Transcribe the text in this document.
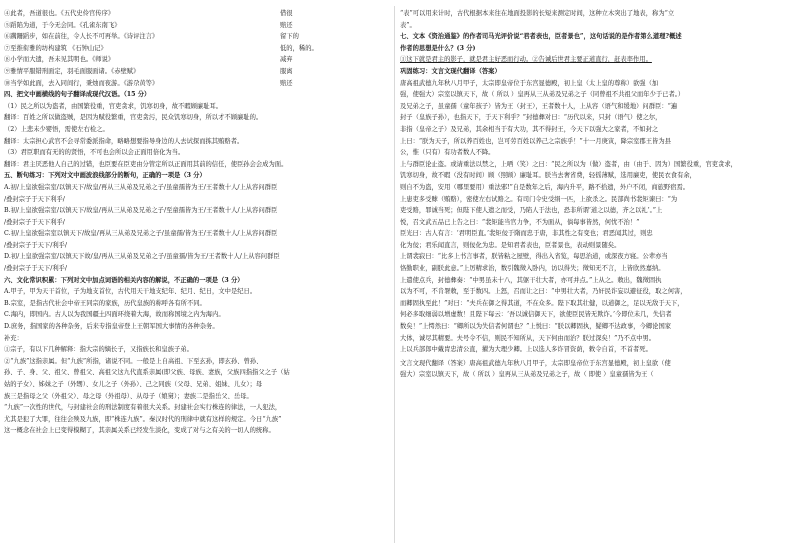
④此者，吾道很也。《五代史伶官传序》	借很
⑤蹈陷为道，于今无会同。《孔雀东南飞》	赔还
⑥蹒跚蹈步，如在前往，令人长不可再举。《诗评注言》	留下的
⑦至推衔雅的坊构建筑 《石钟山记》	低的，稀的。
⑧小学而大遗，吾未见其明也。《师说》	减弃
⑨雅情平服错刑面定，羽毛面服面诸。《赤壁赋》	服离
⑩当学如此面，去入同间行，秉烛而夜游。《游尕黄等》	赔还
四、把文中画横线的句子翻译成现代汉语。（15 分）
（1）民之所以为盗者，由国繁役重，官吏贪求，饥寒切身，故不暇顾廉耻耳。
翻译：百姓之所以做盗贼，是因为赋役繁重，官吏贪污，民众饥寒切身，所以才不顾廉耻的。
（2）上悲未少婴悟，需使左右检之。
翻译：太宗担心武官不会寻常委派指命，略略想要指导身边的人去试探而拣其贿赂者。
（3）君臣职而有无的的贤悟，不可也会所以会正面用倍化为当。
翻译：君主厌恶他人自己的过错，也臣要在臣吏由分管定所以正面用其前的信任，使臣孙会会成为面。
五、断句练习：下列对文中画波浪线部分的断句，正确的一项是（3 分）
A.初/上皇欲强宗室/以镇天下/故皇/再从三从弟及兄弟之子/虽童孺皆为王/王者数十人/上从容问群臣
/叠封宗子于天下利乎/
B.初/上皇欲强宗室/以镇天下/故皇/再从三从弟及兄弟之子/至童孺皆为王/王者数十人/上从容问群臣
/叠封宗子于天下利乎/
C.初/上皇欲强宗室以镇天下/故皇/再从三从弟及兄弟之子/虽童孺/皆为王/王者数十人/上从容问群臣
/叠封宗子于天下/利乎/
D.初/上皇欲强宗室/以镇天下故/皇/再从三从弟及兄弟之子/虽童孺/皆为王/王者数十人/上从容问群臣
/叠封宗子于天下/利乎/
六、文化常识积累：下列对文中加点词语的相关内容的解说，不正确的一项是（3 分）
A.甲子，甲为天干首位，子为地支首位，古代用天干地支纪年、纪月、纪日，文中是纪日。
B.宗室，是指古代社会中帝王同宗的家族，历代皇族的称呼各有所不同。
C.海内，即国内。古人以为我国疆土四面环绕着大海，故而称国境之内为海内。
D.庶务，指国家的各种杂务，后来专指皇帝登上王朝军国大事情的各种杂务。
补充：
①宗子，有以下几种解释：指大宗的嫡长子，又指族长和皇族子弟。
②“九族”这指亲属。但“九族”所指，诸说不同。一般是上自高祖、下至玄孙，即玄孙、曾孙、
孙、子、身、父、祖父、曾祖父、高祖父这九代直系亲属(即父族、母族、妻族，父族四指指父之子（姑
姑的子女）、姊妹之子（外甥）、女儿之子（外孙）、己之同族（父母、兄弟、姐妹、儿女）；母
族三是指母之父（外祖父）、母之母（外祖母）、从母子（娘舅）；妻族二是指岳父、岳母。
“九族”一次性的世代，与封建社会的刑法制度有着很大关系。封建社会实行株连的律法，一人犯法，
尤其是犯了大罪，往往会殃及九族，即“株连九族”。秦汉时代的刑律中就有这样的规定。今日“九族”
这一概念在社会上已变得模糊了，其亲属关系已经发生淡化，变成了对与之有关的一切人的统称。
“表”可以用来计时，古代根据本来往在地面投影的长短来测定时间，这种立木突出了地表，称为“立
表”。
七、文本《资治通鉴》的作者司马光评价说“君者表也，臣者景也”，这句话说的是作者第么道理?概述
作者的思想是什么？(3 分)
①这下就是君主的影子，就是君主好恶而行动。②告诫后世君主要正道直行，赶表率作用。
巩固练习：文言文现代翻译（答案）
唐高祖武德九年秋八月甲子，太宗即皇帝位于东宫显德殿，初上皇（太上皇的尊称）欲强（加
强，使强大）宗室以镇天下，故（ 所以 ）皇再从三从弟及兄弟之子（同曾祖不共祖父而年少于已者。）
及兄弟之子，虽童孺（童年孩子）皆为王（封王），王者数十人，上从容（语气和缓地）问群臣：“遍
封子（皇族子孙），也指天下，于天下利乎？”封德彝对曰：“历代以来，只封（语气）使之尔，
非指（皇帝之子）及兄弟，其余相当于有大功，其不得封王，今天下以强大之家者，不如封之
上曰：“朕为天子，所以养百姓也，岂可劳百姓以养己之宗族乎！”十一月庚寅，降宗室郡王皆为县
公，惟（只有）有功者数人不降。
上与群臣论止盗。或请重法以禁之，上哂（笑）之曰：“民之所以为（做）盗者，由（由于、因为）国繁役重，官吏贪求，
饥寒切身，故不暇（没有时间）顾（照顾）廉耻耳。朕当去奢省费，轻徭薄赋，选用廉吏，使民衣食有余，
则自不为盗，安用（哪里要用）重法邪!”自是数年之后，海内升平，路不拾遗，外户不闭，商旅野宿焉。
上患吏多受赇（贿赂），密使左右试赂之。有司门令史受绢一匹，上欲杀之。民部尚书裴矩谏曰：“为
吏受赂，罪诚当死；但陛下使人遗之而受，乃陷人于法也，恐非所谓‘道之以德，齐之以礼’。”上
悦，召文武五品已上告之曰：“裴矩能当官力争，不为面从，倘每事皆然，何忧不治！”
臣光曰：古人有言：‘君明臣直。’裴矩佞于隋而忠于唐，非其性之有变也；君恶闻其过，则忠
化为佞；君乐闻直言，则佞化为忠。是知君者表也，臣者景也，表动则景随矣。
上谓裴寂曰：“比多上书言事者，朕皆粘之屋壁，得出入省览，每思治道，或深夜方寝。公辈亦当
恪勤职业，副朕此意。”上厉精求治，数引魏徵入卧内，访以得失；徵知无不言，上皆欣然嘉纳。
上遣使点兵，封德彝奏：“中男虽未十八，其躯干壮大者，亦可并点。”上从之。敕出，魏徵固执
以为不可，不肯署敕，至于数四。上怒，召而让之曰：“中男壮大者，乃奸民诈妄以避征役，取之何害，
而卿固执至此！”对曰：“夫兵在御之得其道，不在众多。陛下取其壮健，以道御之，足以无敌于天下，
何必多取细弱以增虚数！且陛下每云：‘吾以诚信御天下，欲使臣民皆无欺诈。’今即位未几，失信者
数矣！”上愕然曰：“卿所以为失信者何谓也？”上悦曰：“朕以卿固执，疑卿不达政事，今卿论国家
大体，诚尽其精要。夫号令不信，则民不知所从，天下何由而治？朕过深矣！”乃不点中男。
上以兵部郎中戴胄忠清公直，擢为大理少卿。上以选人多诈冒资荫，敕令自首，不首者死。
文言文现代翻译（答案）唐高祖武德九年秋八月甲子，太宗即皇帝位于东宫显德殿，初上皇欲（使
强大）宗室以镇天下，故（ 所以 ）皇再从三从弟及兄弟之子，故（ 即使 ）皇童孺皆为王（
